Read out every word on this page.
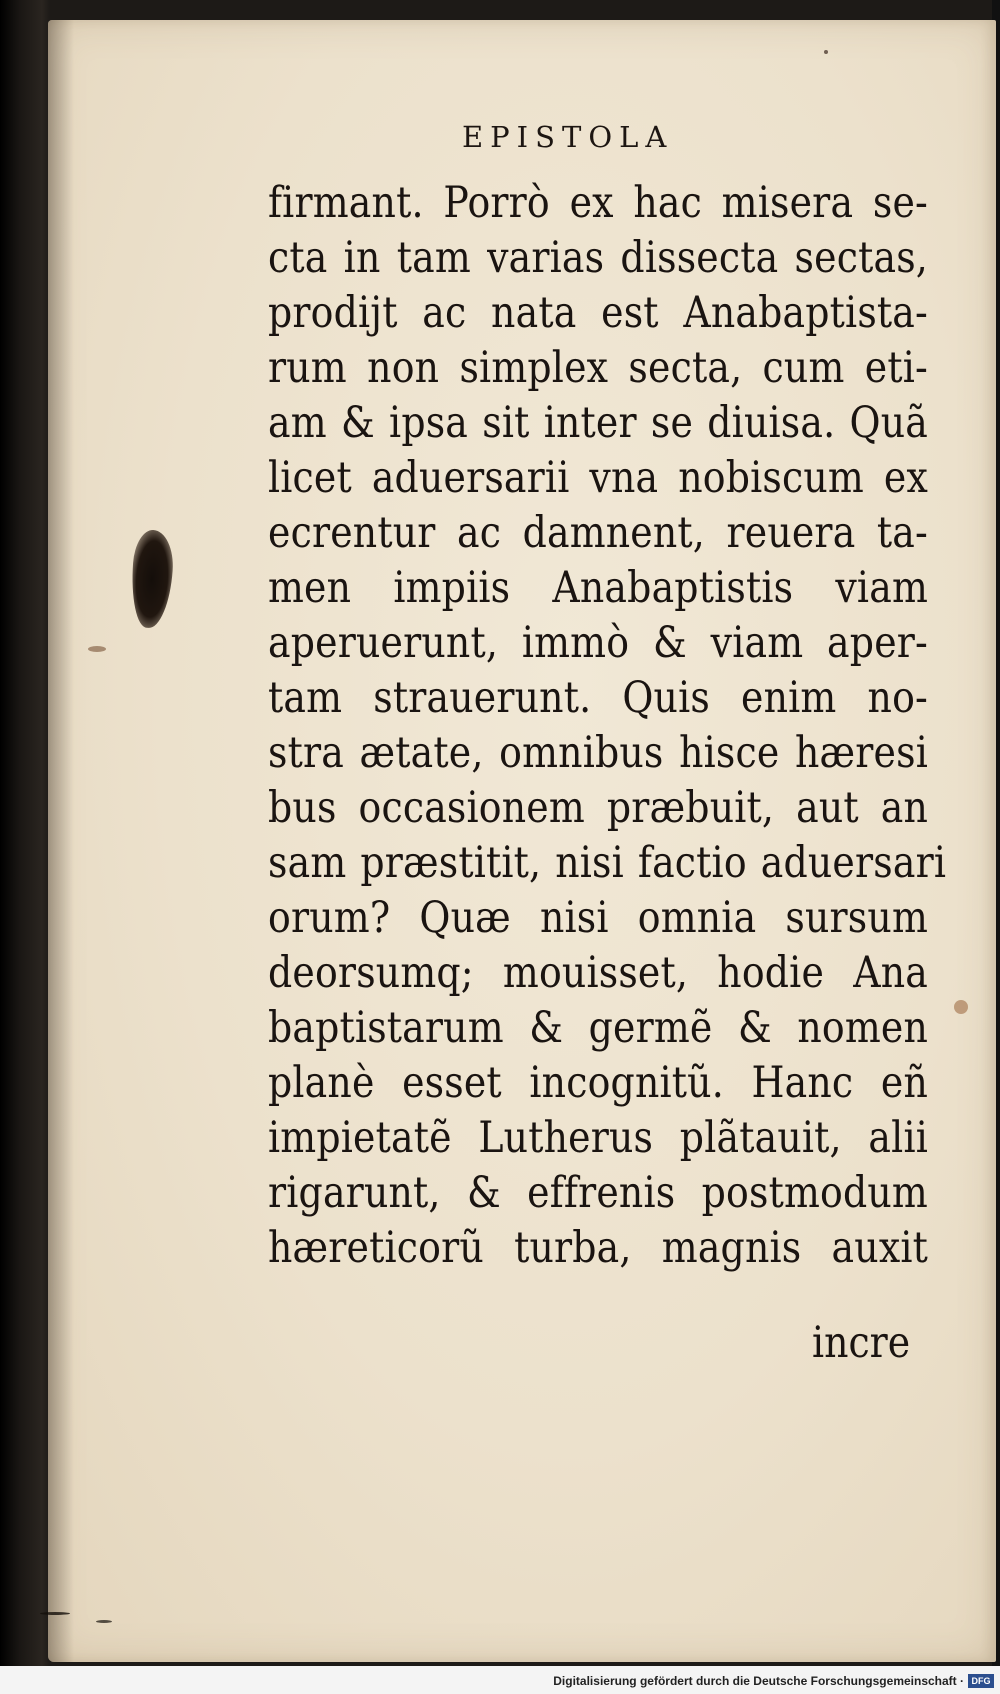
EPISTOLA
firmant. Porrò ex hac misera se-
cta in tam varias dissecta sectas,
prodijt ac nata est Anabaptista-
rum non simplex secta, cum eti-
am & ipsa sit inter se diuisa. Quã
licet aduersarii vna nobiscum ex
ecrentur ac damnent, reuera ta-
men impiis Anabaptistis viam
aperuerunt, immò & viam aper-
tam strauerunt. Quis enim no-
stra ætate, omnibus hisce hæresi
bus occasionem præbuit, aut an
sam præstitit, nisi factio aduersari
orum? Quæ nisi omnia sursum
deorsumq; mouisset, hodie Ana
baptistarum & germẽ & nomen
planè esset incognitũ. Hanc eñ
impietatẽ Lutherus plãtauit, alii
rigarunt, & effrenis postmodum
hæreticorũ turba, magnis auxit
incre
Digitalisierung gefördert durch die Deutsche Forschungsgemeinschaft · DFG
